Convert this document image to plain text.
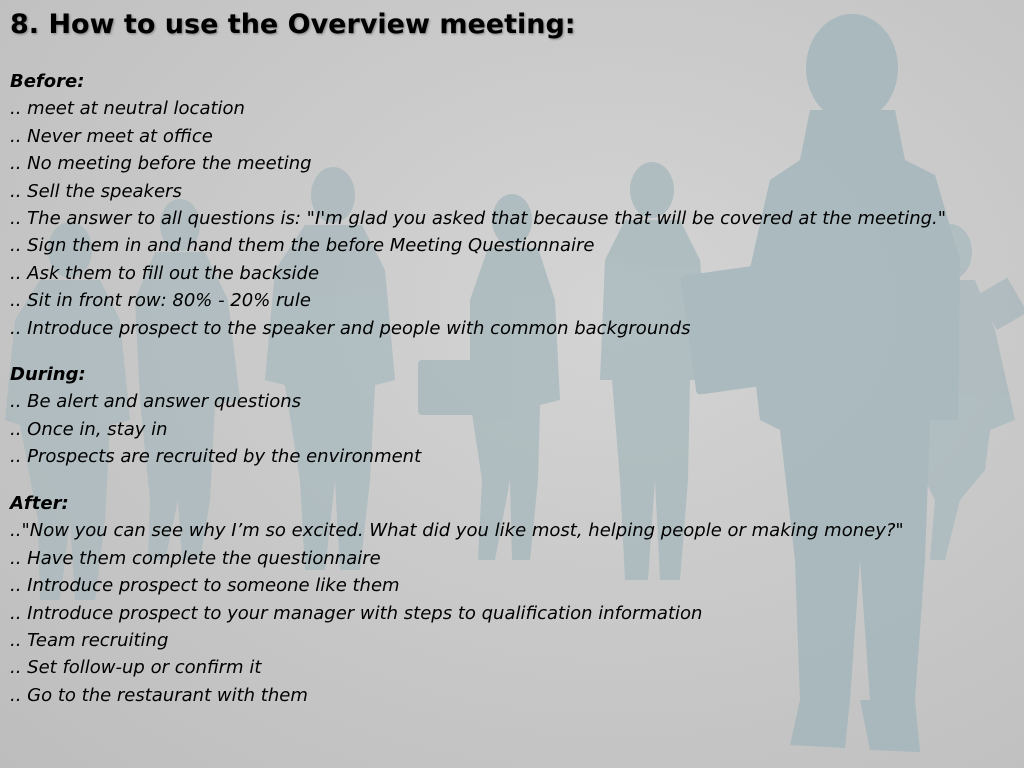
8. How to use the Overview meeting:

Before:

.. meet at neutral location
.. Never meet at office
.. No meeting before the meeting
.. Sell the speakers
.. The answer to all questions is: "I'm glad you asked that because that will be covered at the meeting."
.. Sign them in and hand them the before Meeting Questionnaire
.. Ask them to fill out the backside
.. Sit in front row: 80% - 20% rule
.. Introduce prospect to the speaker and people with common backgrounds

During:

.. Be alert and answer questions
.. Once in, stay in
.. Prospects are recruited by the environment

After:

.."Now you can see why I’m so excited. What did you like most, helping people or making money?"
.. Have them complete the questionnaire
.. Introduce prospect to someone like them
.. Introduce prospect to your manager with steps to qualification information
.. Team recruiting
.. Set follow-up or confirm it
.. Go to the restaurant with them
